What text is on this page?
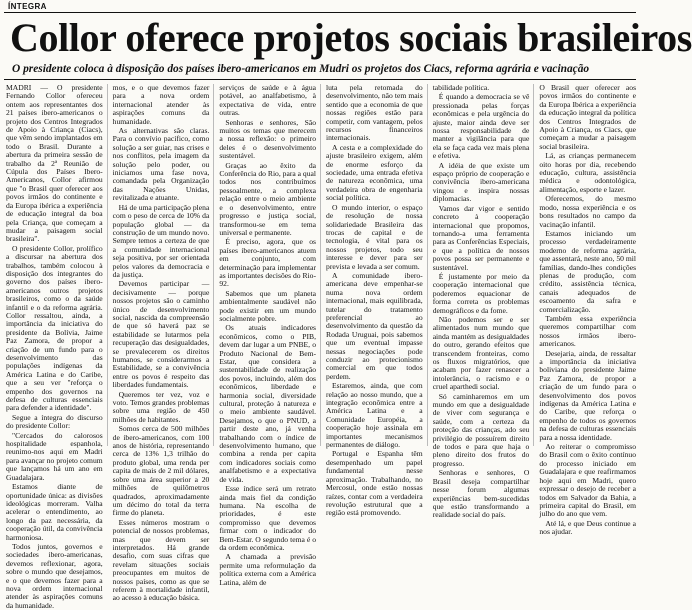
ÍNTEGRA
Collor oferece projetos sociais brasileiros
O presidente coloca à disposição dos países ibero-americanos em Mudri os projetos dos Ciacs, reforma agrária e vacinação

MADRI — O presidente Fernando Collor ofereceu ontem aos representantes dos 21 países ibero-americanos o projeto dos Centros Integrados de Apoio à Criança (Ciacs), que vêm sendo implantados em todo o Brasil. Durante a abertura da primeira sessão de trabalho da 2ª Reunião de Cúpula dos Países Ibero-Americanos, Collor afirmou que "o Brasil quer oferecer aos povos irmãos do continente e da Europa ibérica a experiência de educação integral da boa pela Criança, que começam a mudar a paisagem social brasileira".

O presidente Collor, prolífico a discursar na abertura dos trabalhos, também colocou à disposição dos integrantes do governo dos países ibero-americanos outros projetos brasileiros, como o da saúde infantil e o da reforma agrária. Collor ressaltou, ainda, a importância da iniciativa do presidente da Bolívia, Jaime Paz Zamora, de propor a criação de um fundo para o desenvolvimento das populações indígenas da América Latina e do Caribe, que a seu ver "reforça o empenho dos governos na defesa de culturas essenciais para defender a identidade".

Segue a íntegra do discurso do presidente Collor:

"Cercados do calorosos hospitalidade espanhola, reunimo-nos aqui em Madri para avançar no projeto comum que lançamos há um ano em Guadalajara.

Estamos diante de oportunidade única: as divisões ideológicas morreram. Valha acelerar o entendimento, ao longo da paz necessária, da cooperação útil, da convivência harmoniosa.

Todos juntos, governos e sociedades ibero-americanas, devemos reflexionar, agora, sobre o mundo que desejamos, e o que devemos fazer para a nova ordem internacional atender às aspirações comuns da humanidade.

mos, e o que devemos fazer para a nova ordem internacional atender às aspirações comuns da humanidade.

As alternativas são claras. Para o convívio pacífico, como solução a ser guiar, nas crises e nos conflitos, pela imagem da solução pelo poder, ou iniciamos uma fase nova, comandada pela Organização das Nações Unidas, revitalizada e atuante.

Há de uma participação plena com o peso de cerca de 10% da população global — da construção de um mundo novo. Sempre temos a certeza de que a comunidade internacional seja positiva, por ser orientada pelos valores da democracia e da justiça.

Devemos participar — decisivamente — porque nossos projetos são o caminho único de desenvolvimento social, nascida da compreensão de que só haverá paz se estabilidade se lutarmos pela recuperação das desigualdades, se prevalecerem os direitos humanos, se considerarmos a Estabilidade, se a convivência entre os povos é respeito das liberdades fundamentais.

Queremos ter vez, voz e voto. Temos grandes problemas sobre uma região de 450 milhões de habitantes.

Somos cerca de 500 milhões de ibero-americanos, com 100 anos de história, representando cerca de 13% 1,3 trilhão do produto global, uma renda per capita de mais de 2 mil dólares, sobre uma área superior a 20 milhões de quilômetros quadrados, aproximadamente um décimo do total da terra firme do planeta.

Esses números mostram o potencial de nossos problemas, mas que devem ser interpretados. Há grande desafio, com suas cifras que revelam situações sociais preocupantes em muitos de nossos países, como as que se referem à mortalidade infantil, ao acesso à educação básica.

serviços de saúde e à água potável, ao analfabetismo, à expectativa de vida, entre outras.

Senhoras e senhores, São muitos os temas que merecem a nossa reflexão: o primeiro deles é o desenvolvimento sustentável.

Graças ao êxito da Conferência do Rio, para a qual todos nos contribuímos pessoalmente, a complexa relação entre o meio ambiente e o desenvolvimento, entre progresso e justiça social, transformou-se em tema universal e permanente.

É preciso, agora, que os países ibero-americanos atuem em conjunto, com determinação para implementar as importantes decisões do Rio-92.

Sabemos que um planeta ambientalmente saudável não pode existir em um mundo socialmente pobre.

Os atuais indicadores econômicos, como o PIB, devem dar lugar a um PNBE, o Produto Nacional de Bem-Estar, que considera a sustentabilidade de realização dos povos, incluindo, além dos econômicos, liberdade e harmonia social, diversidade cultural, proteção à natureza e o meio ambiente saudável. Desejamos, o que o PNUD, a partir deste ano, já venha trabalhando com o índice de desenvolvimento humano, que combina a renda per capita com indicadores sociais como analfabetismo e a expectativa de vida.

Esse índice será um retrato ainda mais fiel da condição humana. Na escolha de prioridades, é este compromisso que devemos firmar com o indicador do Bem-Estar. O segundo tema é o da ordem econômica.

A chamada a previsão permite uma reformulação da política externa com a América Latina, além de

luta pela retomada do desenvolvimento, não tem mais sentido que a economia de que nossas regiões estão para competir, com vantagem, pelos recursos financeiros internacionais.

A cesta e a complexidade do ajuste brasileiro exigem, além de enorme esforço da sociedade, uma entrada efetiva de natureza econômica, uma verdadeira obra de engenharia social política.

O mundo interior, o espaço de resolução de nossa solidariedade Brasileira das trocas de capital e de tecnologia, é vital para os nossos projetos, todo seu interesse e dever para ser prevista e levada a ser comum.

A comunidade ibero-americana deve empenhar-se numa nova ordem internacional, mais equilibrada, tutelar do tratamento preferencial ao desenvolvimento da questão da Rodada Uruguai, pois sabemos que um eventual impasse nessas negociações pode conduzir ao protecionismo comercial em que todos perdem.

Estaremos, ainda, que com relação ao nosso mundo, que a integração econômica entre a América Latina e a Comunidade Européia, a cooperação hoje assinala em importantes mecanismos permanentes de diálogo.

Portugal e Espanha têm desempenhado um papel fundamental nesse aproximação. Trabalhando, no Mercosul, onde estão nossas raízes, contar com a verdadeira revolução estrutural que a região está promovendo.

tabilidade política.

É quando a democracia se vê pressionada pelas forças econômicas e pela urgência do ajuste, maior ainda deve ser nossa responsabilidade de manter a vigilância para que ela se faça cada vez mais plena e efetiva.

A idéia de que existe um espaço próprio de cooperação e convivência ibero-americana vingou e inspira nossas diplomacias.

Vamos dar vigor e sentido concreto à cooperação internacional que propomos, tornando-a uma ferramenta para as Conferências Especiais, e que a política de nossos povos possa ser permanente e sustentável.

É justamente por meio da cooperação internacional que poderemos equacionar de forma correta os problemas demográficos e da fome.

Não podemos ser e ser alimentados num mundo que ainda mantém as desigualdades do outro, gerando efeitos que transcendem fronteiras, como os fluxos migratórios, que acabam por fazer renascer a intolerância, o racismo e o cruel aparthedi social.

Só caminharemos em um mundo em que a desigualdade de viver com segurança e saúde, com a certeza da proteção das crianças, ado seu privilégio de possuírem direito de todos e para que haja o pleno direito dos frutos do progresso.

Senhoras e senhores, O Brasil deseja compartilhar nesse forum algumas experiências bem-sucedidas que estão transformando a realidade social do país.

O Brasil quer oferecer aos povos irmãos do continente e da Europa Ibérica a experiência da educação integral da política dos Centros Integrados de Apoio à Criança, os Ciacs, que começam a mudar a paisagem social brasileira.

Lá, as crianças permanecem oito horas por dia, recebendo educação, cultura, assistência médica e odontológica, alimentação, esporte e lazer.

Oferecemos, do mesmo modo, nossa experiência e os bons resultados no campo da vacinação infantil.

Estamos iniciando um processo verdadeiramente moderno de reforma agrária, que assentará, neste ano, 50 mil famílias, dando-lhes condições plenas de produção, com crédito, assistência técnica, canais adequados de escoamento da safra e comercialização.

Também essa experiência queremos compartilhar com nossos irmãos ibero-americanos.

Desejaria, ainda, de ressaltar a importância da iniciativa boliviana do presidente Jaime Paz Zamora, de propor a criação de um fundo para o desenvolvimento dos povos indígenas da América Latina e do Caribe, que reforça o empenho de todos os governos na defesa de culturas essenciais para a nossa identidade.

Ao reiterar o compromisso do Brasil com o êxito contínuo do processo iniciado em Guadalajara e que reafirmamos hoje aqui em Madri, quero expressar o desejo de receber a todos em Salvador da Bahia, a primeira capital do Brasil, em julho do ano que vem.

Até lá, e que Deus continue a nos ajudar.
